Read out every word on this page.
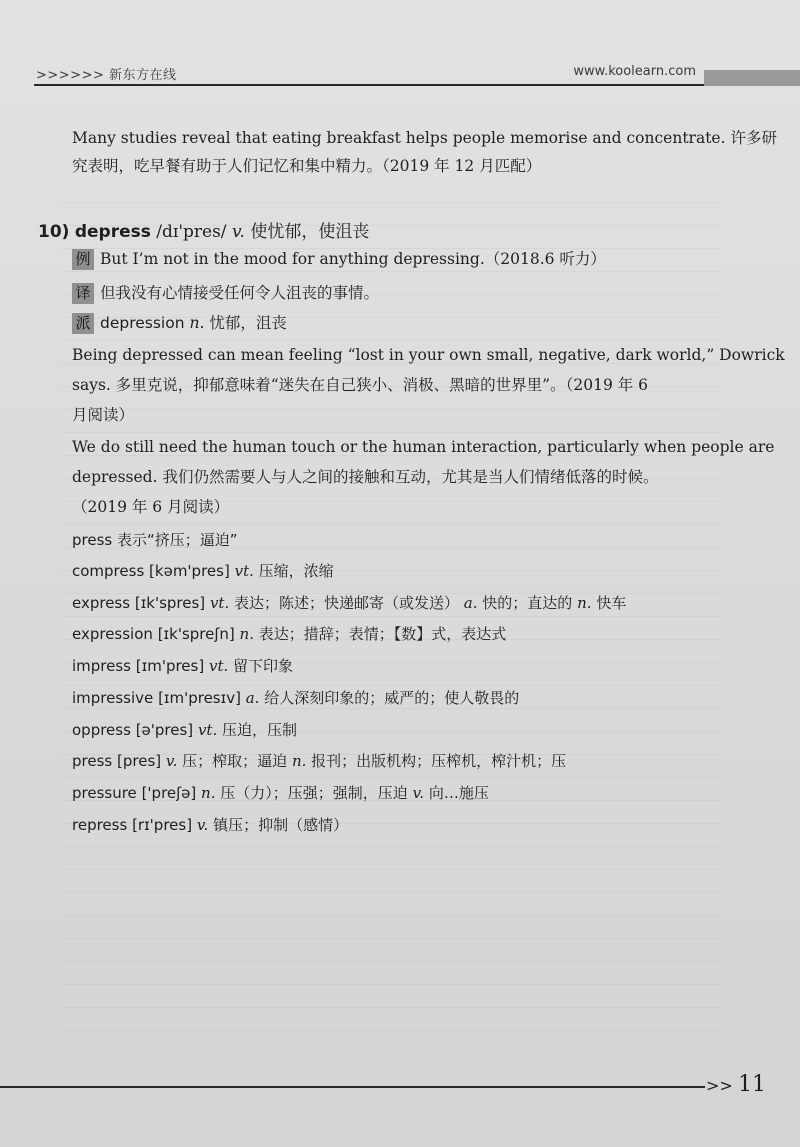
>>>>>> 新东方在线	www.koolearn.com
Many studies reveal that eating breakfast helps people memorise and concentrate. 许多研
究表明，吃早餐有助于人们记忆和集中精力。（2019 年 12 月匹配）
10) depress /dɪ'pres/ v. 使忧郁，使沮丧
例 But I’m not in the mood for anything depressing.（2018.6 听力）
译 但我没有心情接受任何令人沮丧的事情。
派 depression n. 忧郁，沮丧
Being depressed can mean feeling “lost in your own small, negative, dark world,” Dowrick
says. 多里克说，抑郁意味着“迷失在自己狭小、消极、黑暗的世界里”。（2019 年 6
月阅读）
We do still need the human touch or the human interaction, particularly when people are
depressed. 我们仍然需要人与人之间的接触和互动，尤其是当人们情绪低落的时候。
（2019 年 6 月阅读）
press 表示“挤压；逼迫”
compress [kəm'pres] vt. 压缩，浓缩
express [ɪk'spres] vt. 表达；陈述；快递邮寄（或发送） a. 快的；直达的 n. 快车
expression [ɪk'spreʃn] n. 表达；措辞；表情；【数】式，表达式
impress [ɪm'pres] vt. 留下印象
impressive [ɪm'presɪv] a. 给人深刻印象的；威严的；使人敬畏的
oppress [ə'pres] vt. 压迫，压制
press [pres] v. 压；榨取；逼迫 n. 报刊；出版机构；压榨机，榨汁机；压
pressure ['preʃə] n. 压（力）；压强；强制，压迫 v. 向…施压
repress [rɪ'pres] v. 镇压；抑制（感情）
>> 11
